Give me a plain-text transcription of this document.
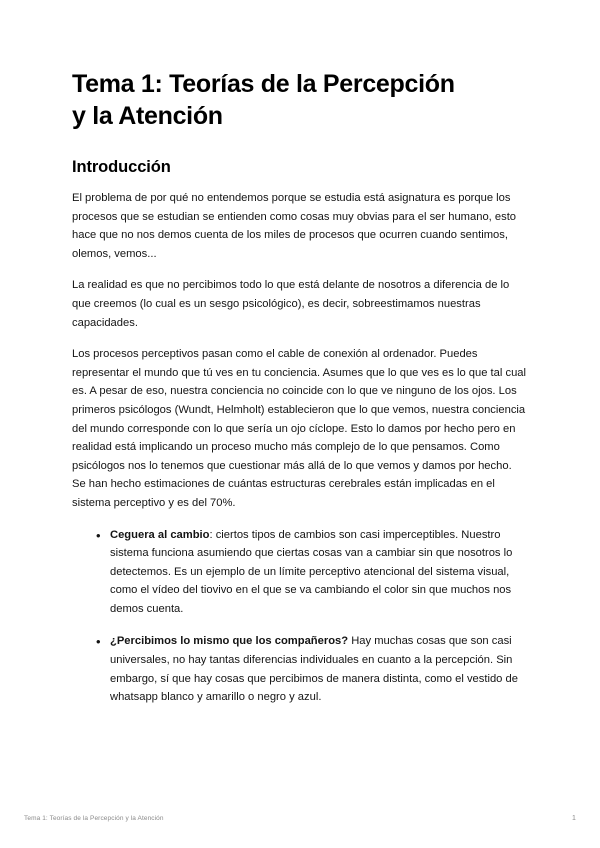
Tema 1: Teorías de la Percepción y la Atención
Introducción

El problema de por qué no entendemos porque se estudia está asignatura es porque los procesos que se estudian se entienden como cosas muy obvias para el ser humano, esto hace que no nos demos cuenta de los miles de procesos que ocurren cuando sentimos, olemos, vemos...

La realidad es que no percibimos todo lo que está delante de nosotros a diferencia de lo que creemos (lo cual es un sesgo psicológico), es decir, sobreestimamos nuestras capacidades.

Los procesos perceptivos pasan como el cable de conexión al ordenador. Puedes representar el mundo que tú ves en tu conciencia. Asumes que lo que ves es lo que tal cual es. A pesar de eso, nuestra conciencia no coincide con lo que ve ninguno de los ojos. Los primeros psicólogos (Wundt, Helmholt) establecieron que lo que vemos, nuestra conciencia del mundo corresponde con lo que sería un ojo cíclope. Esto lo damos por hecho pero en realidad está implicando un proceso mucho más complejo de lo que pensamos. Como psicólogos nos lo tenemos que cuestionar más allá de lo que vemos y damos por hecho. Se han hecho estimaciones de cuántas estructuras cerebrales están implicadas en el sistema perceptivo y es del 70%.

• Ceguera al cambio: ciertos tipos de cambios son casi imperceptibles. Nuestro sistema funciona asumiendo que ciertas cosas van a cambiar sin que nosotros lo detectemos. Es un ejemplo de un límite perceptivo atencional del sistema visual, como el vídeo del tiovivo en el que se va cambiando el color sin que muchos nos demos cuenta.
• ¿Percibimos lo mismo que los compañeros? Hay muchas cosas que son casi universales, no hay tantas diferencias individuales en cuanto a la percepción. Sin embargo, sí que hay cosas que percibimos de manera distinta, como el vestido de whatsapp blanco y amarillo o negro y azul.
Tema 1: Teorías de la Percepción y la Atención	1
